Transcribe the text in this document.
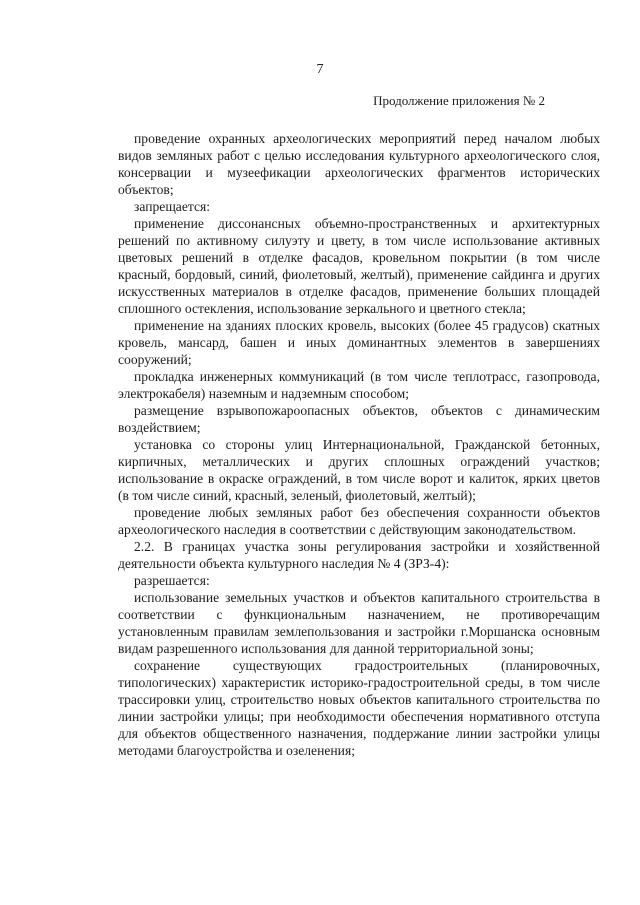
7
Продолжение приложения № 2

проведение охранных археологических мероприятий перед началом любых видов земляных работ с целью исследования культурного археологического слоя, консервации и музеефикации археологических фрагментов исторических объектов;

запрещается:

применение диссонансных объемно-пространственных и архитектурных решений по активному силуэту и цвету, в том числе использование активных цветовых решений в отделке фасадов, кровельном покрытии (в том числе красный, бордовый, синий, фиолетовый, желтый), применение сайдинга и других искусственных материалов в отделке фасадов, применение больших площадей сплошного остекления, использование зеркального и цветного стекла;

применение на зданиях плоских кровель, высоких (более 45 градусов) скатных кровель, мансард, башен и иных доминантных элементов в завершениях сооружений;

прокладка инженерных коммуникаций (в том числе теплотрасс, газопровода, электрокабеля) наземным и надземным способом;

размещение взрывопожароопасных объектов, объектов с динамическим воздействием;

установка со стороны улиц Интернациональной, Гражданской бетонных, кирпичных, металлических и других сплошных ограждений участков; использование в окраске ограждений, в том числе ворот и калиток, ярких цветов (в том числе синий, красный, зеленый, фиолетовый, желтый);

проведение любых земляных работ без обеспечения сохранности объектов археологического наследия в соответствии с действующим законодательством.

2.2. В границах участка зоны регулирования застройки и хозяйственной деятельности объекта культурного наследия № 4 (ЗРЗ-4):

разрешается:

использование земельных участков и объектов капитального строительства в соответствии с функциональным назначением, не противоречащим установленным правилам землепользования и застройки г.Моршанска основным видам разрешенного использования для данной территориальной зоны;

сохранение существующих градостроительных (планировочных, типологических) характеристик историко-градостроительной среды, в том числе трассировки улиц, строительство новых объектов капитального строительства по линии застройки улицы; при необходимости обеспечения нормативного отступа для объектов общественного назначения, поддержание линии застройки улицы методами благоустройства и озеленения;
